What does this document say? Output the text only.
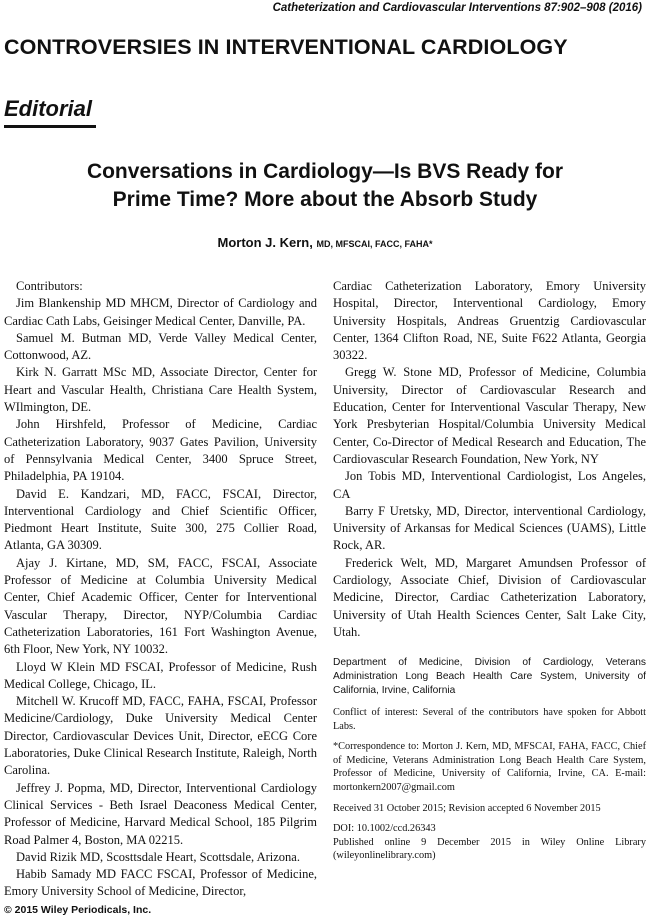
Catheterization and Cardiovascular Interventions 87:902–908 (2016)
CONTROVERSIES IN INTERVENTIONAL CARDIOLOGY
Editorial
Conversations in Cardiology—Is BVS Ready for
Prime Time? More about the Absorb Study
Morton J. Kern, MD, MFSCAI, FACC, FAHA*

Contributors:

Jim Blankenship MD MHCM, Director of Cardiology and Cardiac Cath Labs, Geisinger Medical Center, Danville, PA.

Samuel M. Butman MD, Verde Valley Medical Center, Cottonwood, AZ.

Kirk N. Garratt MSc MD, Associate Director, Center for Heart and Vascular Health, Christiana Care Health System, WIlmington, DE.

John Hirshfeld, Professor of Medicine, Cardiac Catheterization Laboratory, 9037 Gates Pavilion, University of Pennsylvania Medical Center, 3400 Spruce Street, Philadelphia, PA 19104.

David E. Kandzari, MD, FACC, FSCAI, Director, Interventional Cardiology and Chief Scientific Officer, Piedmont Heart Institute, Suite 300, 275 Collier Road, Atlanta, GA 30309.

Ajay J. Kirtane, MD, SM, FACC, FSCAI, Associate Professor of Medicine at Columbia University Medical Center, Chief Academic Officer, Center for Interventional Vascular Therapy, Director, NYP/Columbia Cardiac Catheterization Laboratories, 161 Fort Washington Avenue, 6th Floor, New York, NY 10032.

Lloyd W Klein MD FSCAI, Professor of Medicine, Rush Medical College, Chicago, IL.

Mitchell W. Krucoff MD, FACC, FAHA, FSCAI, Professor Medicine/Cardiology, Duke University Medical Center Director, Cardiovascular Devices Unit, Director, eECG Core Laboratories, Duke Clinical Research Institute, Raleigh, North Carolina.

Jeffrey J. Popma, MD, Director, Interventional Cardiology Clinical Services - Beth Israel Deaconess Medical Center, Professor of Medicine, Harvard Medical School, 185 Pilgrim Road Palmer 4, Boston, MA 02215.

David Rizik MD, Scosttsdale Heart, Scottsdale, Arizona.

Habib Samady MD FACC FSCAI, Professor of Medicine, Emory University School of Medicine, Director,

Cardiac Catheterization Laboratory, Emory University Hospital, Director, Interventional Cardiology, Emory University Hospitals, Andreas Gruentzig Cardiovascular Center, 1364 Clifton Road, NE, Suite F622 Atlanta, Georgia 30322.

Gregg W. Stone MD, Professor of Medicine, Columbia University, Director of Cardiovascular Research and Education, Center for Interventional Vascular Therapy, New York Presbyterian Hospital/Columbia University Medical Center, Co-Director of Medical Research and Education, The Cardiovascular Research Foundation, New York, NY

Jon Tobis MD, Interventional Cardiologist, Los Angeles, CA

Barry F Uretsky, MD, Director, interventional Cardiology, University of Arkansas for Medical Sciences (UAMS), Little Rock, AR.

Frederick Welt, MD, Margaret Amundsen Professor of Cardiology, Associate Chief, Division of Cardiovascular Medicine, Director, Cardiac Catheterization Laboratory, University of Utah Health Sciences Center, Salt Lake City, Utah.

Department of Medicine, Division of Cardiology, Veterans Administration Long Beach Health Care System, University of California, Irvine, California

Conflict of interest: Several of the contributors have spoken for Abbott Labs.

*Correspondence to: Morton J. Kern, MD, MFSCAI, FAHA, FACC, Chief of Medicine, Veterans Administration Long Beach Health Care System, Professor of Medicine, University of California, Irvine, CA. E-mail: mortonkern2007@gmail.com

Received 31 October 2015; Revision accepted 6 November 2015

DOI: 10.1002/ccd.26343

Published online 9 December 2015 in Wiley Online Library (wileyonlinelibrary.com)

© 2015 Wiley Periodicals, Inc.
